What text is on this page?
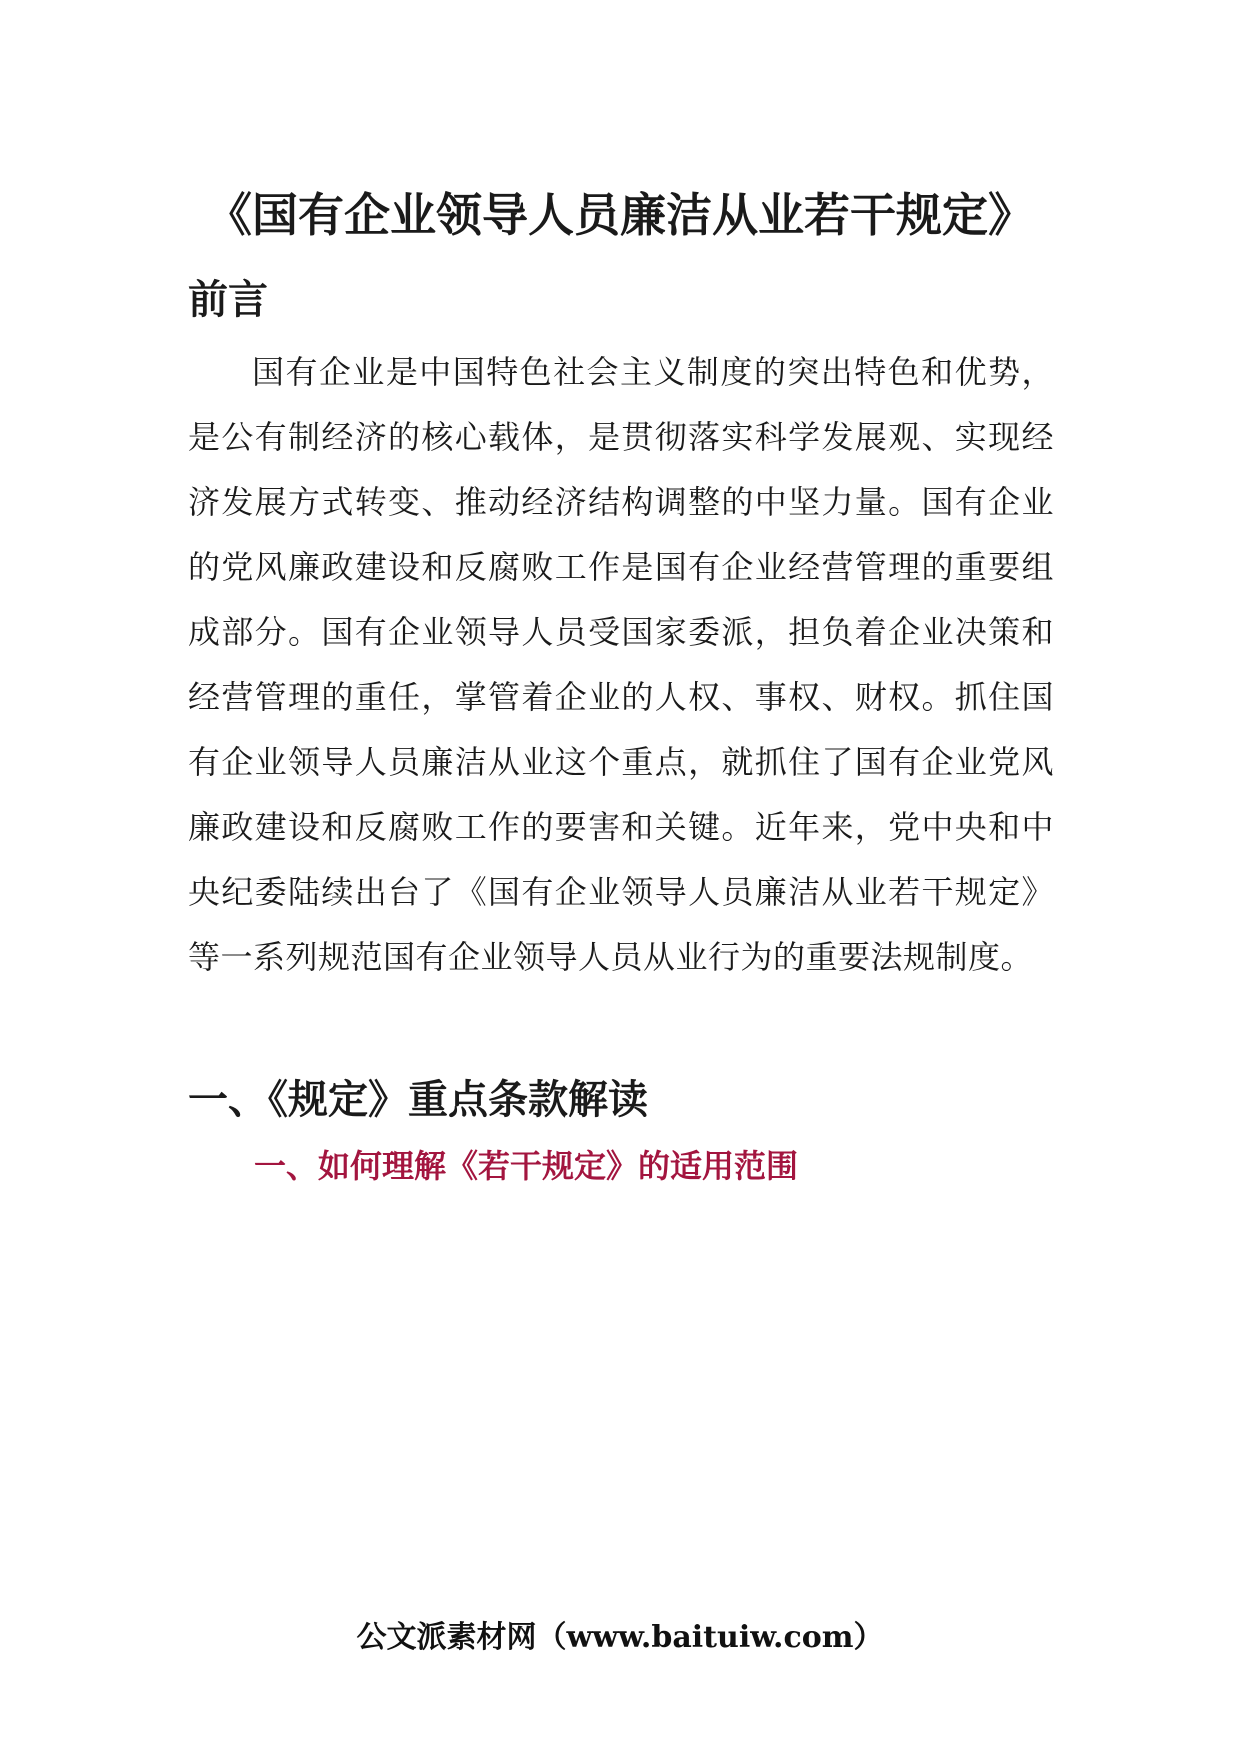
《国有企业领导人员廉洁从业若干规定》
前言

国有企业是中国特色社会主义制度的突出特色和优势，是公有制经济的核心载体，是贯彻落实科学发展观、实现经济发展方式转变、推动经济结构调整的中坚力量。国有企业的党风廉政建设和反腐败工作是国有企业经营管理的重要组成部分。国有企业领导人员受国家委派，担负着企业决策和经营管理的重任，掌管着企业的人权、事权、财权。抓住国有企业领导人员廉洁从业这个重点，就抓住了国有企业党风廉政建设和反腐败工作的要害和关键。近年来，党中央和中央纪委陆续出台了《国有企业领导人员廉洁从业若干规定》等一系列规范国有企业领导人员从业行为的重要法规制度。

一、《规定》重点条款解读
一、如何理解《若干规定》的适用范围
公文派素材网（www.baituiw.com）
